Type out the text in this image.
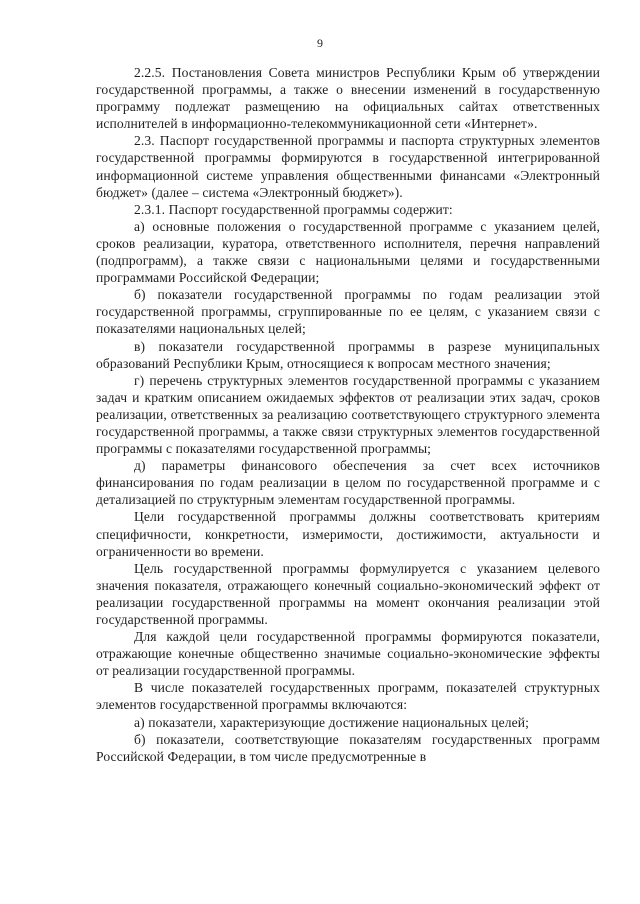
9

2.2.5. Постановления Совета министров Республики Крым об утверждении государственной программы, а также о внесении изменений в государственную программу подлежат размещению на официальных сайтах ответственных исполнителей в информационно-телекоммуникационной сети «Интернет».

2.3. Паспорт государственной программы и паспорта структурных элементов государственной программы формируются в государственной интегрированной информационной системе управления общественными финансами «Электронный бюджет» (далее – система «Электронный бюджет»).

2.3.1. Паспорт государственной программы содержит:

а) основные положения о государственной программе с указанием целей, сроков реализации, куратора, ответственного исполнителя, перечня направлений (подпрограмм), а также связи с национальными целями и государственными программами Российской Федерации;

б) показатели государственной программы по годам реализации этой государственной программы, сгруппированные по ее целям, с указанием связи с показателями национальных целей;

в) показатели государственной программы в разрезе муниципальных образований Республики Крым, относящиеся к вопросам местного значения;

г) перечень структурных элементов государственной программы с указанием задач и кратким описанием ожидаемых эффектов от реализации этих задач, сроков реализации, ответственных за реализацию соответствующего структурного элемента государственной программы, а также связи структурных элементов государственной программы с показателями государственной программы;

д) параметры финансового обеспечения за счет всех источников финансирования по годам реализации в целом по государственной программе и с детализацией по структурным элементам государственной программы.

Цели государственной программы должны соответствовать критериям специфичности, конкретности, измеримости, достижимости, актуальности и ограниченности во времени.

Цель государственной программы формулируется с указанием целевого значения показателя, отражающего конечный социально-экономический эффект от реализации государственной программы на момент окончания реализации этой государственной программы.

Для каждой цели государственной программы формируются показатели, отражающие конечные общественно значимые социально-экономические эффекты от реализации государственной программы.

В числе показателей государственных программ, показателей структурных элементов государственной программы включаются:

а) показатели, характеризующие достижение национальных целей;

б) показатели, соответствующие показателям государственных программ Российской Федерации, в том числе предусмотренные в
